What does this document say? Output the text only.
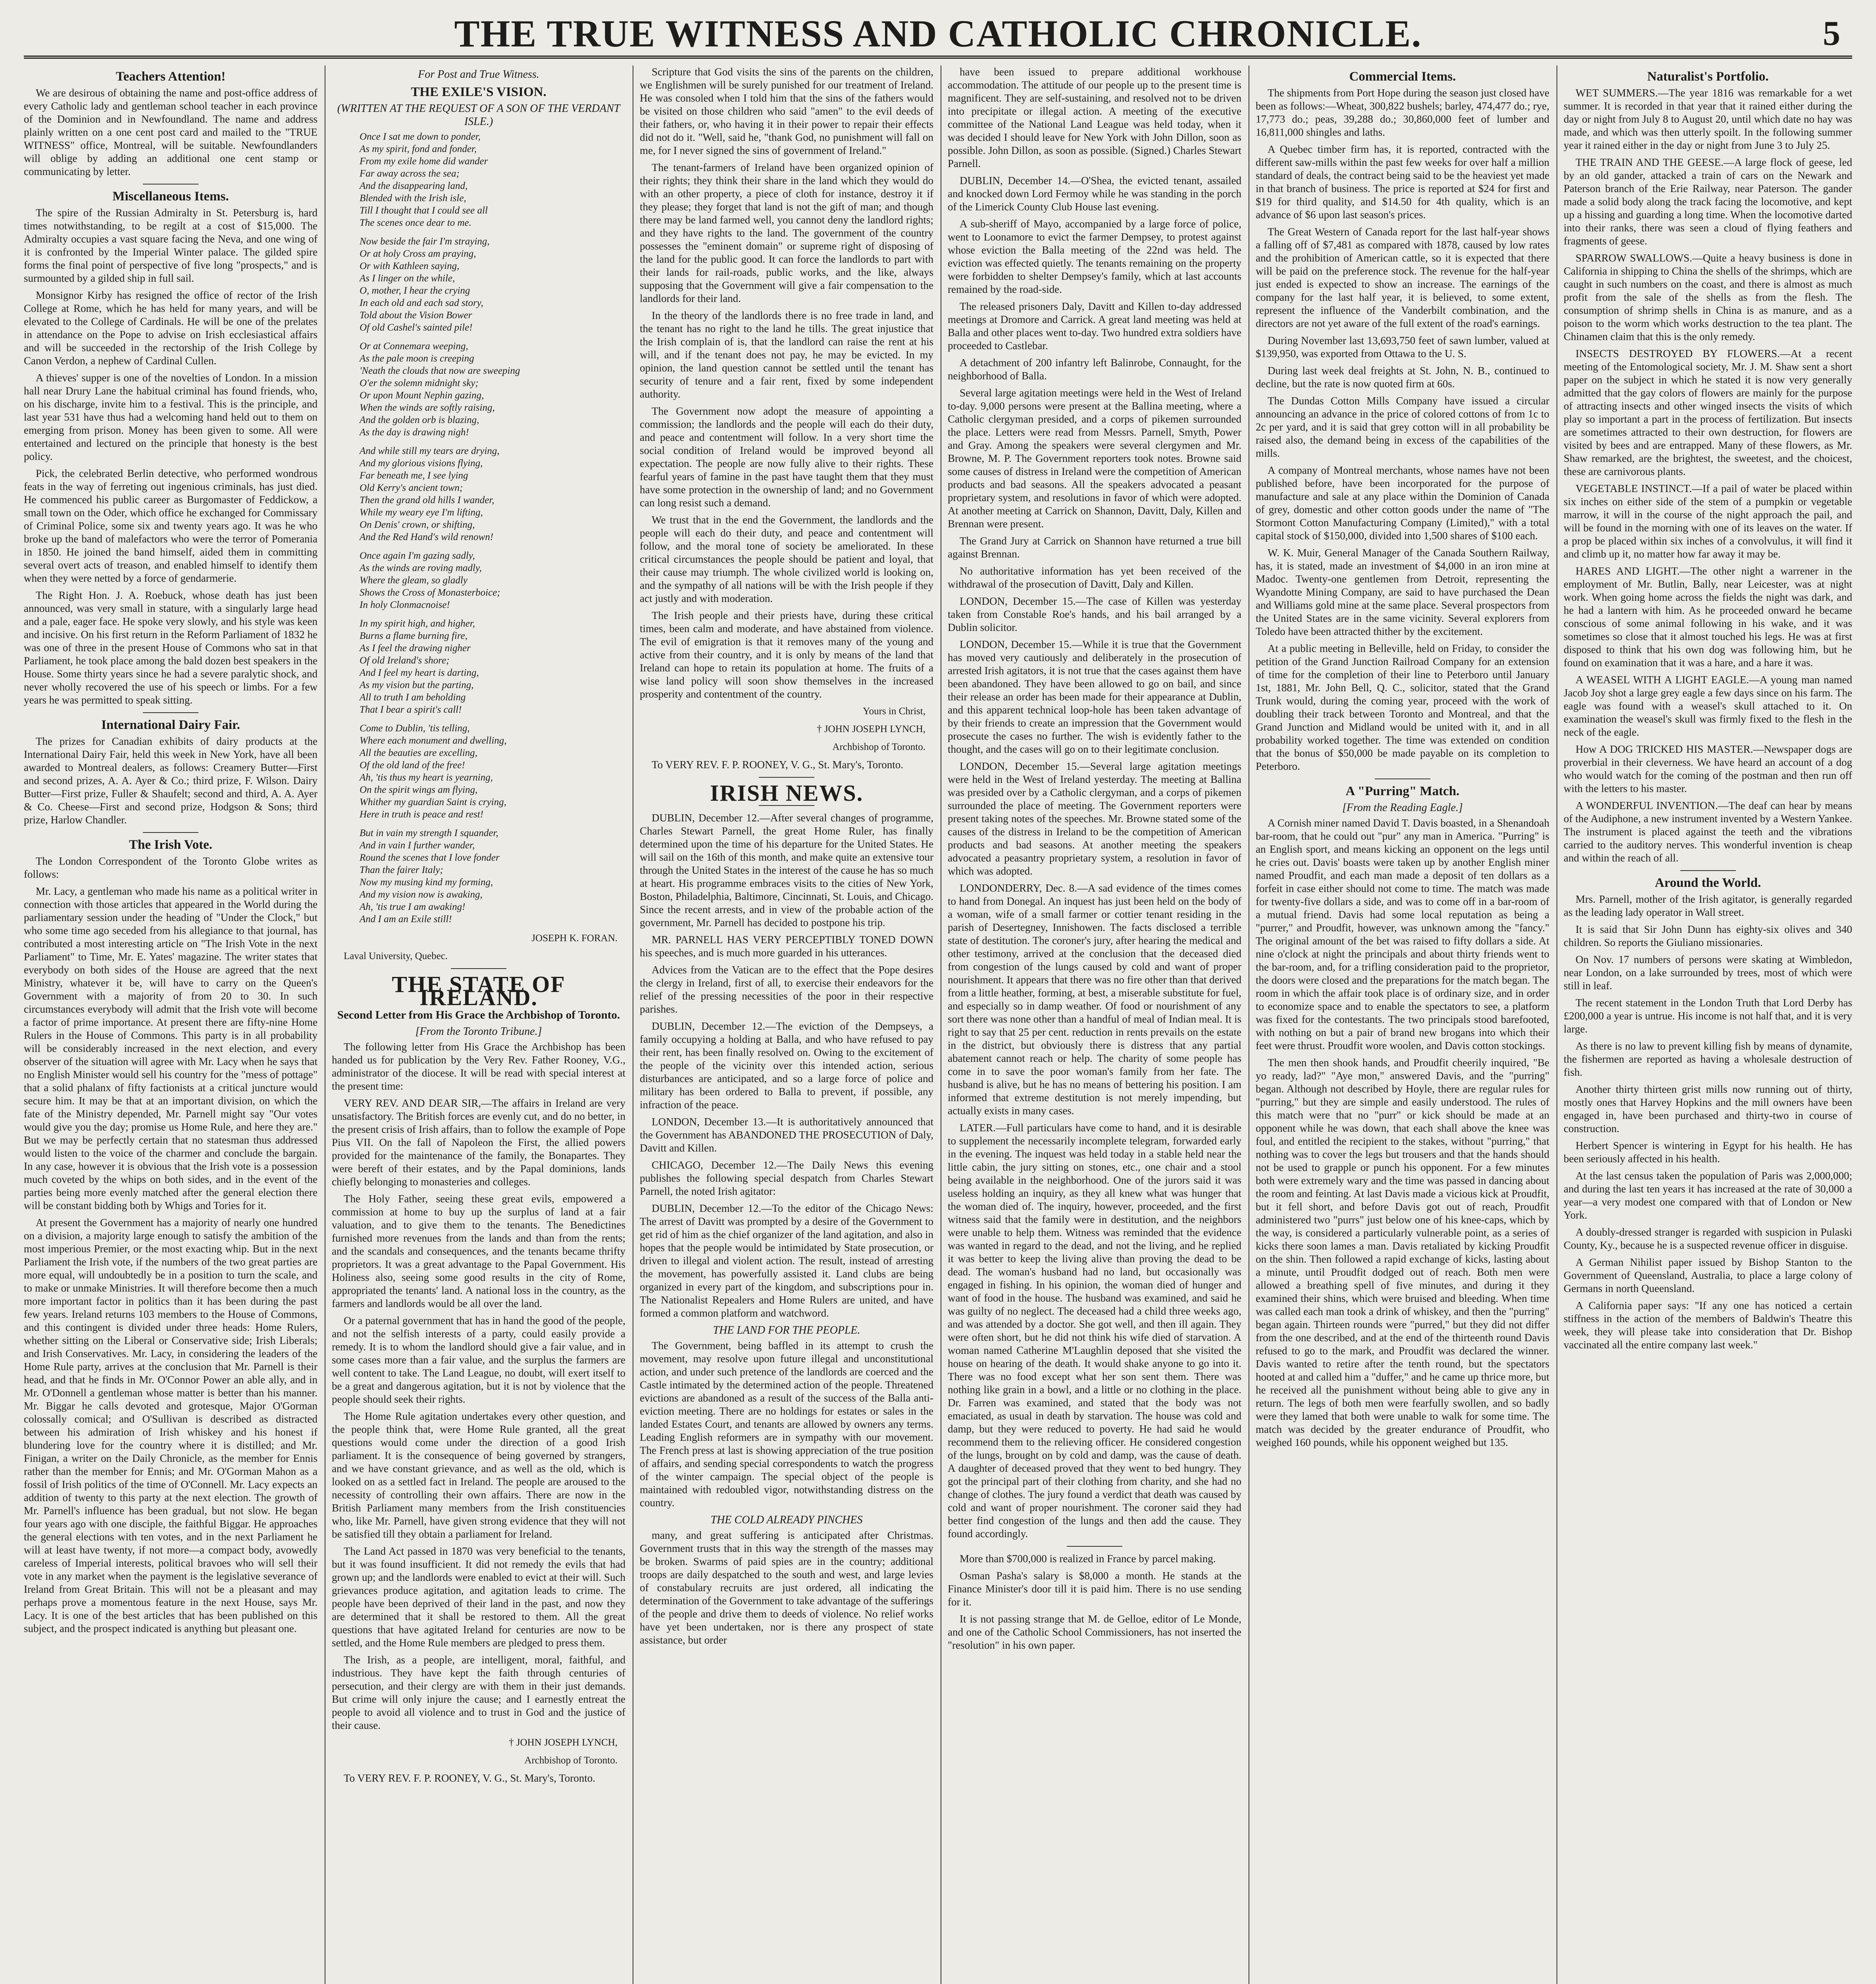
THE TRUE WITNESS AND CATHOLIC CHRONICLE.	5
Teachers Attention!

We are desirous of obtaining the name and post-office address of every Catholic lady and gentleman school teacher in each province of the Dominion and in Newfoundland. The name and address plainly written on a one cent post card and mailed to the "TRUE WITNESS" office, Montreal, will be suitable. Newfoundlanders will oblige by adding an additional one cent stamp or communicating by letter.

Miscellaneous Items.

The spire of the Russian Admiralty in St. Petersburg is, hard times notwithstanding, to be regilt at a cost of $15,000. The Admiralty occupies a vast square facing the Neva, and one wing of it is confronted by the Imperial Winter palace. The gilded spire forms the final point of perspective of five long "prospects," and is surmounted by a gilded ship in full sail.

Monsignor Kirby has resigned the office of rector of the Irish College at Rome, which he has held for many years, and will be elevated to the College of Cardinals. He will be one of the prelates in attendance on the Pope to advise on Irish ecclesiastical affairs and will be succeeded in the rectorship of the Irish College by Canon Verdon, a nephew of Cardinal Cullen.

A thieves' supper is one of the novelties of London. In a mission hall near Drury Lane the habitual criminal has found friends, who, on his discharge, invite him to a festival. This is the principle, and last year 531 have thus had a welcoming hand held out to them on emerging from prison. Money has been given to some. All were entertained and lectured on the principle that honesty is the best policy.

Pick, the celebrated Berlin detective, who performed wondrous feats in the way of ferreting out ingenious criminals, has just died. He commenced his public career as Burgomaster of Feddickow, a small town on the Oder, which office he exchanged for Commissary of Criminal Police, some six and twenty years ago. It was he who broke up the band of malefactors who were the terror of Pomerania in 1850. He joined the band himself, aided them in committing several overt acts of treason, and enabled himself to identify them when they were netted by a force of gendarmerie.

The Right Hon. J. A. Roebuck, whose death has just been announced, was very small in stature, with a singularly large head and a pale, eager face. He spoke very slowly, and his style was keen and incisive. On his first return in the Reform Parliament of 1832 he was one of three in the present House of Commons who sat in that Parliament, he took place among the bald dozen best speakers in the House. Some thirty years since he had a severe paralytic shock, and never wholly recovered the use of his speech or limbs. For a few years he was permitted to speak sitting.

International Dairy Fair.

The prizes for Canadian exhibits of dairy products at the International Dairy Fair, held this week in New York, have all been awarded to Montreal dealers, as follows: Creamery Butter—First and second prizes, A. A. Ayer & Co.; third prize, F. Wilson. Dairy Butter—First prize, Fuller & Shaufelt; second and third, A. A. Ayer & Co. Cheese—First and second prize, Hodgson & Sons; third prize, Harlow Chandler.

The Irish Vote.

The London Correspondent of the Toronto Globe writes as follows:

Mr. Lacy, a gentleman who made his name as a political writer in connection with those articles that appeared in the World during the parliamentary session under the heading of "Under the Clock," but who some time ago seceded from his allegiance to that journal, has contributed a most interesting article on "The Irish Vote in the next Parliament" to Time, Mr. E. Yates' magazine. The writer states that everybody on both sides of the House are agreed that the next Ministry, whatever it be, will have to carry on the Queen's Government with a majority of from 20 to 30. In such circumstances everybody will admit that the Irish vote will become a factor of prime importance. At present there are fifty-nine Home Rulers in the House of Commons. This party is in all probability will be considerably increased in the next election, and every observer of the situation will agree with Mr. Lacy when he says that no English Minister would sell his country for the "mess of pottage" that a solid phalanx of fifty factionists at a critical juncture would secure him. It may be that at an important division, on which the fate of the Ministry depended, Mr. Parnell might say "Our votes would give you the day; promise us Home Rule, and here they are." But we may be perfectly certain that no statesman thus addressed would listen to the voice of the charmer and conclude the bargain. In any case, however it is obvious that the Irish vote is a possession much coveted by the whips on both sides, and in the event of the parties being more evenly matched after the general election there will be constant bidding both by Whigs and Tories for it.

At present the Government has a majority of nearly one hundred on a division, a majority large enough to satisfy the ambition of the most imperious Premier, or the most exacting whip. But in the next Parliament the Irish vote, if the numbers of the two great parties are more equal, will undoubtedly be in a position to turn the scale, and to make or unmake Ministries. It will therefore become then a much more important factor in politics than it has been during the past few years. Ireland returns 103 members to the House of Commons, and this contingent is divided under three heads: Home Rulers, whether sitting on the Liberal or Conservative side; Irish Liberals; and Irish Conservatives. Mr. Lacy, in considering the leaders of the Home Rule party, arrives at the conclusion that Mr. Parnell is their head, and that he finds in Mr. O'Connor Power an able ally, and in Mr. O'Donnell a gentleman whose matter is better than his manner. Mr. Biggar he calls devoted and grotesque, Major O'Gorman colossally comical; and O'Sullivan is described as distracted between his admiration of Irish whiskey and his honest if blundering love for the country where it is distilled; and Mr. Finigan, a writer on the Daily Chronicle, as the member for Ennis rather than the member for Ennis; and Mr. O'Gorman Mahon as a fossil of Irish politics of the time of O'Connell. Mr. Lacy expects an addition of twenty to this party at the next election. The growth of Mr. Parnell's influence has been gradual, but not slow. He began four years ago with one disciple, the faithful Biggar. He approaches the general elections with ten votes, and in the next Parliament he will at least have twenty, if not more—a compact body, avowedly careless of Imperial interests, political bravoes who will sell their vote in any market when the payment is the legislative severance of Ireland from Great Britain. This will not be a pleasant and may perhaps prove a momentous feature in the next House, says Mr. Lacy. It is one of the best articles that has been published on this subject, and the prospect indicated is anything but pleasant one.

For Post and True Witness.
THE EXILE'S VISION.
(WRITTEN AT THE REQUEST OF A SON OF THE VERDANT ISLE.)
Once I sat me down to ponder,
As my spirit, fond and fonder,
From my exile home did wander
Far away across the sea;
And the disappearing land,
Blended with the Irish isle,
Till I thought that I could see all
The scenes once dear to me.
Now beside the fair I'm straying,
Or at holy Cross am praying,
Or with Kathleen saying,
As I linger on the while,
O, mother, I hear the crying
In each old and each sad story,
Told about the Vision Bower
Of old Cashel's sainted pile!
Or at Connemara weeping,
As the pale moon is creeping
'Neath the clouds that now are sweeping
O'er the solemn midnight sky;
Or upon Mount Nephin gazing,
When the winds are softly raising,
And the golden orb is blazing,
As the day is drawing nigh!
And while still my tears are drying,
And my glorious visions flying,
Far beneath me, I see lying
Old Kerry's ancient town;
Then the grand old hills I wander,
While my weary eye I'm lifting,
On Denis' crown, or shifting,
And the Red Hand's wild renown!
Once again I'm gazing sadly,
As the winds are roving madly,
Where the gleam, so gladly
Shows the Cross of Monasterboice;
In holy Clonmacnoise!
In my spirit high, and higher,
Burns a flame burning fire,
As I feel the drawing nigher
Of old Ireland's shore;
And I feel my heart is darting,
As my vision but the parting,
All to truth I am beholding
That I bear a spirit's call!
Come to Dublin, 'tis telling,
Where each monument and dwelling,
All the beauties are excelling,
Of the old land of the free!
Ah, 'tis thus my heart is yearning,
On the spirit wings am flying,
Whither my guardian Saint is crying,
Here in truth is peace and rest!
But in vain my strength I squander,
And in vain I further wander,
Round the scenes that I love fonder
Than the fairer Italy;
Now my musing kind my forming,
And my vision now is awaking,
Ah, 'tis true I am awaking!
And I am an Exile still!
JOSEPH K. FORAN.
Laval University, Quebec.
THE STATE OF IRELAND.
Second Letter from His Grace the Archbishop of Toronto.
[From the Toronto Tribune.]

The following letter from His Grace the Archbishop has been handed us for publication by the Very Rev. Father Rooney, V.G., administrator of the diocese. It will be read with special interest at the present time:

VERY REV. AND DEAR SIR,—The affairs in Ireland are very unsatisfactory. The British forces are evenly cut, and do no better, in the present crisis of Irish affairs, than to follow the example of Pope Pius VII. On the fall of Napoleon the First, the allied powers provided for the maintenance of the family, the Bonapartes. They were bereft of their estates, and by the Papal dominions, lands chiefly belonging to monasteries and colleges.

The Holy Father, seeing these great evils, empowered a commission at home to buy up the surplus of land at a fair valuation, and to give them to the tenants. The Benedictines furnished more revenues from the lands and than from the rents; and the scandals and consequences, and the tenants became thrifty proprietors. It was a great advantage to the Papal Government. His Holiness also, seeing some good results in the city of Rome, appropriated the tenants' land. A national loss in the country, as the farmers and landlords would be all over the land.

Or a paternal government that has in hand the good of the people, and not the selfish interests of a party, could easily provide a remedy. It is to whom the landlord should give a fair value, and in some cases more than a fair value, and the surplus the farmers are well content to take. The Land League, no doubt, will exert itself to be a great and dangerous agitation, but it is not by violence that the people should seek their rights.

The Home Rule agitation undertakes every other question, and the people think that, were Home Rule granted, all the great questions would come under the direction of a good Irish parliament. It is the consequence of being governed by strangers, and we have constant grievance, and as well as the old, which is looked on as a settled fact in Ireland. The people are aroused to the necessity of controlling their own affairs. There are now in the British Parliament many members from the Irish constituencies who, like Mr. Parnell, have given strong evidence that they will not be satisfied till they obtain a parliament for Ireland.

The Land Act passed in 1870 was very beneficial to the tenants, but it was found insufficient. It did not remedy the evils that had grown up; and the landlords were enabled to evict at their will. Such grievances produce agitation, and agitation leads to crime. The people have been deprived of their land in the past, and now they are determined that it shall be restored to them. All the great questions that have agitated Ireland for centuries are now to be settled, and the Home Rule members are pledged to press them.

The Irish, as a people, are intelligent, moral, faithful, and industrious. They have kept the faith through centuries of persecution, and their clergy are with them in their just demands. But crime will only injure the cause; and I earnestly entreat the people to avoid all violence and to trust in God and the justice of their cause.

† JOHN JOSEPH LYNCH,
Archbishop of Toronto.

To VERY REV. F. P. ROONEY, V. G., St. Mary's, Toronto.

Scripture that God visits the sins of the parents on the children, we Englishmen will be surely punished for our treatment of Ireland. He was consoled when I told him that the sins of the fathers would be visited on those children who said "amen" to the evil deeds of their fathers, or, who having it in their power to repair their effects did not do it. "Well, said he, "thank God, no punishment will fall on me, for I never signed the sins of government of Ireland."

The tenant-farmers of Ireland have been organized opinion of their rights; they think their share in the land which they would do with an other property, a piece of cloth for instance, destroy it if they please; they forget that land is not the gift of man; and though there may be land farmed well, you cannot deny the landlord rights; and they have rights to the land. The government of the country possesses the "eminent domain" or supreme right of disposing of the land for the public good. It can force the landlords to part with their lands for rail-roads, public works, and the like, always supposing that the Government will give a fair compensation to the landlords for their land.

In the theory of the landlords there is no free trade in land, and the tenant has no right to the land he tills. The great injustice that the Irish complain of is, that the landlord can raise the rent at his will, and if the tenant does not pay, he may be evicted. In my opinion, the land question cannot be settled until the tenant has security of tenure and a fair rent, fixed by some independent authority.

The Government now adopt the measure of appointing a commission; the landlords and the people will each do their duty, and peace and contentment will follow. In a very short time the social condition of Ireland would be improved beyond all expectation. The people are now fully alive to their rights. These fearful years of famine in the past have taught them that they must have some protection in the ownership of land; and no Government can long resist such a demand.

We trust that in the end the Government, the landlords and the people will each do their duty, and peace and contentment will follow, and the moral tone of society be ameliorated. In these critical circumstances the people should be patient and loyal, that their cause may triumph. The whole civilized world is looking on, and the sympathy of all nations will be with the Irish people if they act justly and with moderation.

The Irish people and their priests have, during these critical times, been calm and moderate, and have abstained from violence. The evil of emigration is that it removes many of the young and active from their country, and it is only by means of the land that Ireland can hope to retain its population at home. The fruits of a wise land policy will soon show themselves in the increased prosperity and contentment of the country.

Yours in Christ,
† JOHN JOSEPH LYNCH,
Archbishop of Toronto.

To VERY REV. F. P. ROONEY, V. G., St. Mary's, Toronto.

IRISH NEWS.

DUBLIN, December 12.—After several changes of programme, Charles Stewart Parnell, the great Home Ruler, has finally determined upon the time of his departure for the United States. He will sail on the 16th of this month, and make quite an extensive tour through the United States in the interest of the cause he has so much at heart. His programme embraces visits to the cities of New York, Boston, Philadelphia, Baltimore, Cincinnati, St. Louis, and Chicago. Since the recent arrests, and in view of the probable action of the government, Mr. Parnell has decided to postpone his trip.

MR. PARNELL HAS VERY PERCEPTIBLY TONED DOWN his speeches, and is much more guarded in his utterances.

Advices from the Vatican are to the effect that the Pope desires the clergy in Ireland, first of all, to exercise their endeavors for the relief of the pressing necessities of the poor in their respective parishes.

DUBLIN, December 12.—The eviction of the Dempseys, a family occupying a holding at Balla, and who have refused to pay their rent, has been finally resolved on. Owing to the excitement of the people of the vicinity over this intended action, serious disturbances are anticipated, and so a large force of police and military has been ordered to Balla to prevent, if possible, any infraction of the peace.

LONDON, December 13.—It is authoritatively announced that the Government has ABANDONED THE PROSECUTION of Daly, Davitt and Killen.

CHICAGO, December 12.—The Daily News this evening publishes the following special despatch from Charles Stewart Parnell, the noted Irish agitator:

DUBLIN, December 12.—To the editor of the Chicago News: The arrest of Davitt was prompted by a desire of the Government to get rid of him as the chief organizer of the land agitation, and also in hopes that the people would be intimidated by State prosecution, or driven to illegal and violent action. The result, instead of arresting the movement, has powerfully assisted it. Land clubs are being organized in every part of the kingdom, and subscriptions pour in. The Nationalist Repealers and Home Rulers are united, and have formed a common platform and watchword.

THE LAND FOR THE PEOPLE.

The Government, being baffled in its attempt to crush the movement, may resolve upon future illegal and unconstitutional action, and under such pretence of the landlords are coerced and the Castle intimated by the determined action of the people. Threatened evictions are abandoned as a result of the success of the Balla anti-eviction meeting. There are no holdings for estates or sales in the landed Estates Court, and tenants are allowed by owners any terms. Leading English reformers are in sympathy with our movement. The French press at last is showing appreciation of the true position of affairs, and sending special correspondents to watch the progress of the winter campaign. The special object of the people is maintained with redoubled vigor, notwithstanding distress on the country.

THE COLD ALREADY PINCHES

many, and great suffering is anticipated after Christmas. Government trusts that in this way the strength of the masses may be broken. Swarms of paid spies are in the country; additional troops are daily despatched to the south and west, and large levies of constabulary recruits are just ordered, all indicating the determination of the Government to take advantage of the sufferings of the people and drive them to deeds of violence. No relief works have yet been undertaken, nor is there any prospect of state assistance, but order

have been issued to prepare additional workhouse accommodation. The attitude of our people up to the present time is magnificent. They are self-sustaining, and resolved not to be driven into precipitate or illegal action. A meeting of the executive committee of the National Land League was held today, when it was decided I should leave for New York with John Dillon, soon as possible. John Dillon, as soon as possible. (Signed.) Charles Stewart Parnell.

DUBLIN, December 14.—O'Shea, the evicted tenant, assailed and knocked down Lord Fermoy while he was standing in the porch of the Limerick County Club House last evening.

A sub-sheriff of Mayo, accompanied by a large force of police, went to Loonamore to evict the farmer Dempsey, to protest against whose eviction the Balla meeting of the 22nd was held. The eviction was effected quietly. The tenants remaining on the property were forbidden to shelter Dempsey's family, which at last accounts remained by the road-side.

The released prisoners Daly, Davitt and Killen to-day addressed meetings at Dromore and Carrick. A great land meeting was held at Balla and other places went to-day. Two hundred extra soldiers have proceeded to Castlebar.

A detachment of 200 infantry left Balinrobe, Connaught, for the neighborhood of Balla.

Several large agitation meetings were held in the West of Ireland to-day. 9,000 persons were present at the Ballina meeting, where a Catholic clergyman presided, and a corps of pikemen surrounded the place. Letters were read from Messrs. Parnell, Smyth, Power and Gray. Among the speakers were several clergymen and Mr. Browne, M. P. The Government reporters took notes. Browne said some causes of distress in Ireland were the competition of American products and bad seasons. All the speakers advocated a peasant proprietary system, and resolutions in favor of which were adopted. At another meeting at Carrick on Shannon, Davitt, Daly, Killen and Brennan were present.

The Grand Jury at Carrick on Shannon have returned a true bill against Brennan.

No authoritative information has yet been received of the withdrawal of the prosecution of Davitt, Daly and Killen.

LONDON, December 15.—The case of Killen was yesterday taken from Constable Roe's hands, and his bail arranged by a Dublin solicitor.

LONDON, December 15.—While it is true that the Government has moved very cautiously and deliberately in the prosecution of arrested Irish agitators, it is not true that the cases against them have been abandoned. They have been allowed to go on bail, and since their release an order has been made for their appearance at Dublin, and this apparent technical loop-hole has been taken advantage of by their friends to create an impression that the Government would prosecute the cases no further. The wish is evidently father to the thought, and the cases will go on to their legitimate conclusion.

LONDON, December 15.—Several large agitation meetings were held in the West of Ireland yesterday. The meeting at Ballina was presided over by a Catholic clergyman, and a corps of pikemen surrounded the place of meeting. The Government reporters were present taking notes of the speeches. Mr. Browne stated some of the causes of the distress in Ireland to be the competition of American products and bad seasons. At another meeting the speakers advocated a peasantry proprietary system, a resolution in favor of which was adopted.

LONDONDERRY, Dec. 8.—A sad evidence of the times comes to hand from Donegal. An inquest has just been held on the body of a woman, wife of a small farmer or cottier tenant residing in the parish of Desertegney, Innishowen. The facts disclosed a terrible state of destitution. The coroner's jury, after hearing the medical and other testimony, arrived at the conclusion that the deceased died from congestion of the lungs caused by cold and want of proper nourishment. It appears that there was no fire other than that derived from a little heather, forming, at best, a miserable substitute for fuel, and especially so in damp weather. Of food or nourishment of any sort there was none other than a handful of meal of Indian meal. It is right to say that 25 per cent. reduction in rents prevails on the estate in the district, but obviously there is distress that any partial abatement cannot reach or help. The charity of some people has come in to save the poor woman's family from her fate. The husband is alive, but he has no means of bettering his position. I am informed that extreme destitution is not merely impending, but actually exists in many cases.

LATER.—Full particulars have come to hand, and it is desirable to supplement the necessarily incomplete telegram, forwarded early in the evening. The inquest was held today in a stable held near the little cabin, the jury sitting on stones, etc., one chair and a stool being available in the neighborhood. One of the jurors said it was useless holding an inquiry, as they all knew what was hunger that the woman died of. The inquiry, however, proceeded, and the first witness said that the family were in destitution, and the neighbors were unable to help them. Witness was reminded that the evidence was wanted in regard to the dead, and not the living, and he replied it was better to keep the living alive than proving the dead to be dead. The woman's husband had no land, but occasionally was engaged in fishing. In his opinion, the woman died of hunger and want of food in the house. The husband was examined, and said he was guilty of no neglect. The deceased had a child three weeks ago, and was attended by a doctor. She got well, and then ill again. They were often short, but he did not think his wife died of starvation. A woman named Catherine M'Laughlin deposed that she visited the house on hearing of the death. It would shake anyone to go into it. There was no food except what her son sent them. There was nothing like grain in a bowl, and a little or no clothing in the place. Dr. Farren was examined, and stated that the body was not emaciated, as usual in death by starvation. The house was cold and damp, but they were reduced to poverty. He had said he would recommend them to the relieving officer. He considered congestion of the lungs, brought on by cold and damp, was the cause of death. A daughter of deceased proved that they went to bed hungry. They got the principal part of their clothing from charity, and she had no change of clothes. The jury found a verdict that death was caused by cold and want of proper nourishment. The coroner said they had better find congestion of the lungs and then add the cause. They found accordingly.

More than $700,000 is realized in France by parcel making.

Osman Pasha's salary is $8,000 a month. He stands at the Finance Minister's door till it is paid him. There is no use sending for it.

It is not passing strange that M. de Gelloe, editor of Le Monde, and one of the Catholic School Commissioners, has not inserted the "resolution" in his own paper.

Commercial Items.

The shipments from Port Hope during the season just closed have been as follows:—Wheat, 300,822 bushels; barley, 474,477 do.; rye, 17,773 do.; peas, 39,288 do.; 30,860,000 feet of lumber and 16,811,000 shingles and laths.

A Quebec timber firm has, it is reported, contracted with the different saw-mills within the past few weeks for over half a million standard of deals, the contract being said to be the heaviest yet made in that branch of business. The price is reported at $24 for first and $19 for third quality, and $14.50 for 4th quality, which is an advance of $6 upon last season's prices.

The Great Western of Canada report for the last half-year shows a falling off of $7,481 as compared with 1878, caused by low rates and the prohibition of American cattle, so it is expected that there will be paid on the preference stock. The revenue for the half-year just ended is expected to show an increase. The earnings of the company for the last half year, it is believed, to some extent, represent the influence of the Vanderbilt combination, and the directors are not yet aware of the full extent of the road's earnings.

During November last 13,693,750 feet of sawn lumber, valued at $139,950, was exported from Ottawa to the U. S.

During last week deal freights at St. John, N. B., continued to decline, but the rate is now quoted firm at 60s.

The Dundas Cotton Mills Company have issued a circular announcing an advance in the price of colored cottons of from 1c to 2c per yard, and it is said that grey cotton will in all probability be raised also, the demand being in excess of the capabilities of the mills.

A company of Montreal merchants, whose names have not been published before, have been incorporated for the purpose of manufacture and sale at any place within the Dominion of Canada of grey, domestic and other cotton goods under the name of "The Stormont Cotton Manufacturing Company (Limited)," with a total capital stock of $150,000, divided into 1,500 shares of $100 each.

W. K. Muir, General Manager of the Canada Southern Railway, has, it is stated, made an investment of $4,000 in an iron mine at Madoc. Twenty-one gentlemen from Detroit, representing the Wyandotte Mining Company, are said to have purchased the Dean and Williams gold mine at the same place. Several prospectors from the United States are in the same vicinity. Several explorers from Toledo have been attracted thither by the excitement.

At a public meeting in Belleville, held on Friday, to consider the petition of the Grand Junction Railroad Company for an extension of time for the completion of their line to Peterboro until January 1st, 1881, Mr. John Bell, Q. C., solicitor, stated that the Grand Trunk would, during the coming year, proceed with the work of doubling their track between Toronto and Montreal, and that the Grand Junction and Midland would be united with it, and in all probability worked together. The time was extended on condition that the bonus of $50,000 be made payable on its completion to Peterboro.

A "Purring" Match.
[From the Reading Eagle.]

A Cornish miner named David T. Davis boasted, in a Shenandoah bar-room, that he could out "pur" any man in America. "Purring" is an English sport, and means kicking an opponent on the legs until he cries out. Davis' boasts were taken up by another English miner named Proudfit, and each man made a deposit of ten dollars as a forfeit in case either should not come to time. The match was made for twenty-five dollars a side, and was to come off in a bar-room of a mutual friend. Davis had some local reputation as being a "purrer," and Proudfit, however, was unknown among the "fancy." The original amount of the bet was raised to fifty dollars a side. At nine o'clock at night the principals and about thirty friends went to the bar-room, and, for a trifling consideration paid to the proprietor, the doors were closed and the preparations for the match began. The room in which the affair took place is of ordinary size, and in order to economize space and to enable the spectators to see, a platform was fixed for the contestants. The two principals stood barefooted, with nothing on but a pair of brand new brogans into which their feet were thrust. Proudfit wore woolen, and Davis cotton stockings.

The men then shook hands, and Proudfit cheerily inquired, "Be yo ready, lad?" "Aye mon," answered Davis, and the "purring" began. Although not described by Hoyle, there are regular rules for "purring," but they are simple and easily understood. The rules of this match were that no "purr" or kick should be made at an opponent while he was down, that each shall above the knee was foul, and entitled the recipient to the stakes, without "purring," that nothing was to cover the legs but trousers and that the hands should not be used to grapple or punch his opponent. For a few minutes both were extremely wary and the time was passed in dancing about the room and feinting. At last Davis made a vicious kick at Proudfit, but it fell short, and before Davis got out of reach, Proudfit administered two "purrs" just below one of his knee-caps, which by the way, is considered a particularly vulnerable point, as a series of kicks there soon lames a man. Davis retaliated by kicking Proudfit on the shin. Then followed a rapid exchange of kicks, lasting about a minute, until Proudfit dodged out of reach. Both men were allowed a breathing spell of five minutes, and during it they examined their shins, which were bruised and bleeding. When time was called each man took a drink of whiskey, and then the "purring" began again. Thirteen rounds were "purred," but they did not differ from the one described, and at the end of the thirteenth round Davis refused to go to the mark, and Proudfit was declared the winner. Davis wanted to retire after the tenth round, but the spectators hooted at and called him a "duffer," and he came up thrice more, but he received all the punishment without being able to give any in return. The legs of both men were fearfully swollen, and so badly were they lamed that both were unable to walk for some time. The match was decided by the greater endurance of Proudfit, who weighed 160 pounds, while his opponent weighed but 135.

Naturalist's Portfolio.

WET SUMMERS.—The year 1816 was remarkable for a wet summer. It is recorded in that year that it rained either during the day or night from July 8 to August 20, until which date no hay was made, and which was then utterly spoilt. In the following summer year it rained either in the day or night from June 3 to July 25.

THE TRAIN AND THE GEESE.—A large flock of geese, led by an old gander, attacked a train of cars on the Newark and Paterson branch of the Erie Railway, near Paterson. The gander made a solid body along the track facing the locomotive, and kept up a hissing and guarding a long time. When the locomotive darted into their ranks, there was seen a cloud of flying feathers and fragments of geese.

SPARROW SWALLOWS.—Quite a heavy business is done in California in shipping to China the shells of the shrimps, which are caught in such numbers on the coast, and there is almost as much profit from the sale of the shells as from the flesh. The consumption of shrimp shells in China is as manure, and as a poison to the worm which works destruction to the tea plant. The Chinamen claim that this is the only remedy.

INSECTS DESTROYED BY FLOWERS.—At a recent meeting of the Entomological society, Mr. J. M. Shaw sent a short paper on the subject in which he stated it is now very generally admitted that the gay colors of flowers are mainly for the purpose of attracting insects and other winged insects the visits of which play so important a part in the process of fertilization. But insects are sometimes attracted to their own destruction, for flowers are visited by bees and are entrapped. Many of these flowers, as Mr. Shaw remarked, are the brightest, the sweetest, and the choicest, these are carnivorous plants.

VEGETABLE INSTINCT.—If a pail of water be placed within six inches on either side of the stem of a pumpkin or vegetable marrow, it will in the course of the night approach the pail, and will be found in the morning with one of its leaves on the water. If a prop be placed within six inches of a convolvulus, it will find it and climb up it, no matter how far away it may be.

HARES AND LIGHT.—The other night a warrener in the employment of Mr. Butlin, Bally, near Leicester, was at night work. When going home across the fields the night was dark, and he had a lantern with him. As he proceeded onward he became conscious of some animal following in his wake, and it was sometimes so close that it almost touched his legs. He was at first disposed to think that his own dog was following him, but he found on examination that it was a hare, and a hare it was.

A WEASEL WITH A LIGHT EAGLE.—A young man named Jacob Joy shot a large grey eagle a few days since on his farm. The eagle was found with a weasel's skull attached to it. On examination the weasel's skull was firmly fixed to the flesh in the neck of the eagle.

How A DOG TRICKED HIS MASTER.—Newspaper dogs are proverbial in their cleverness. We have heard an account of a dog who would watch for the coming of the postman and then run off with the letters to his master.

A WONDERFUL INVENTION.—The deaf can hear by means of the Audiphone, a new instrument invented by a Western Yankee. The instrument is placed against the teeth and the vibrations carried to the auditory nerves. This wonderful invention is cheap and within the reach of all.

Around the World.

Mrs. Parnell, mother of the Irish agitator, is generally regarded as the leading lady operator in Wall street.

It is said that Sir John Dunn has eighty-six olives and 340 children. So reports the Giuliano missionaries.

On Nov. 17 numbers of persons were skating at Wimbledon, near London, on a lake surrounded by trees, most of which were still in leaf.

The recent statement in the London Truth that Lord Derby has £200,000 a year is untrue. His income is not half that, and it is very large.

As there is no law to prevent killing fish by means of dynamite, the fishermen are reported as having a wholesale destruction of fish.

Another thirty thirteen grist mills now running out of thirty, mostly ones that Harvey Hopkins and the mill owners have been engaged in, have been purchased and thirty-two in course of construction.

Herbert Spencer is wintering in Egypt for his health. He has been seriously affected in his health.

At the last census taken the population of Paris was 2,000,000; and during the last ten years it has increased at the rate of 30,000 a year—a very modest one compared with that of London or New York.

A doubly-dressed stranger is regarded with suspicion in Pulaski County, Ky., because he is a suspected revenue officer in disguise.

A German Nihilist paper issued by Bishop Stanton to the Government of Queensland, Australia, to place a large colony of Germans in north Queensland.

A California paper says: "If any one has noticed a certain stiffness in the action of the members of Baldwin's Theatre this week, they will please take into consideration that Dr. Bishop vaccinated all the entire company last week."
